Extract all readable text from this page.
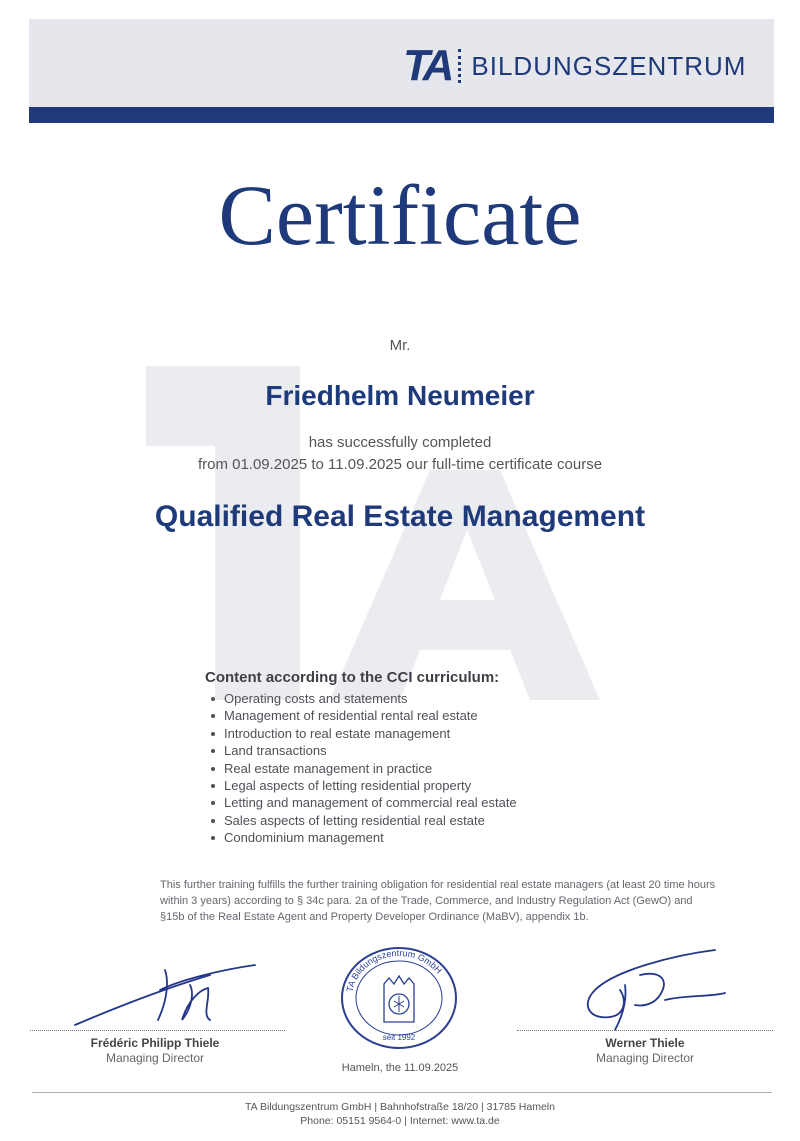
TA BILDUNGSZENTRUM
Certificate
Mr.
Friedhelm Neumeier
has successfully completed
from 01.09.2025 to 11.09.2025 our full-time certificate course
Qualified Real Estate Management
Content according to the CCI curriculum:
Operating costs and statements
Management of residential rental real estate
Introduction to real estate management
Land transactions
Real estate management in practice
Legal aspects of letting residential property
Letting and management of commercial real estate
Sales aspects of letting residential real estate
Condominium management
This further training fulfills the further training obligation for residential real estate managers (at least 20 time hours within 3 years) according to § 34c para. 2a of the Trade, Commerce, and Industry Regulation Act (GewO) and §15b of the Real Estate Agent and Property Developer Ordinance (MaBV), appendix 1b.
Frédéric Philipp Thiele
Managing Director
Werner Thiele
Managing Director
TA Bildungszentrum GmbH
seit 1992
Hameln, the 11.09.2025
TA Bildungszentrum GmbH | Bahnhofstraße 18/20 | 31785 Hameln
Phone: 05151 9564-0 | Internet: www.ta.de
